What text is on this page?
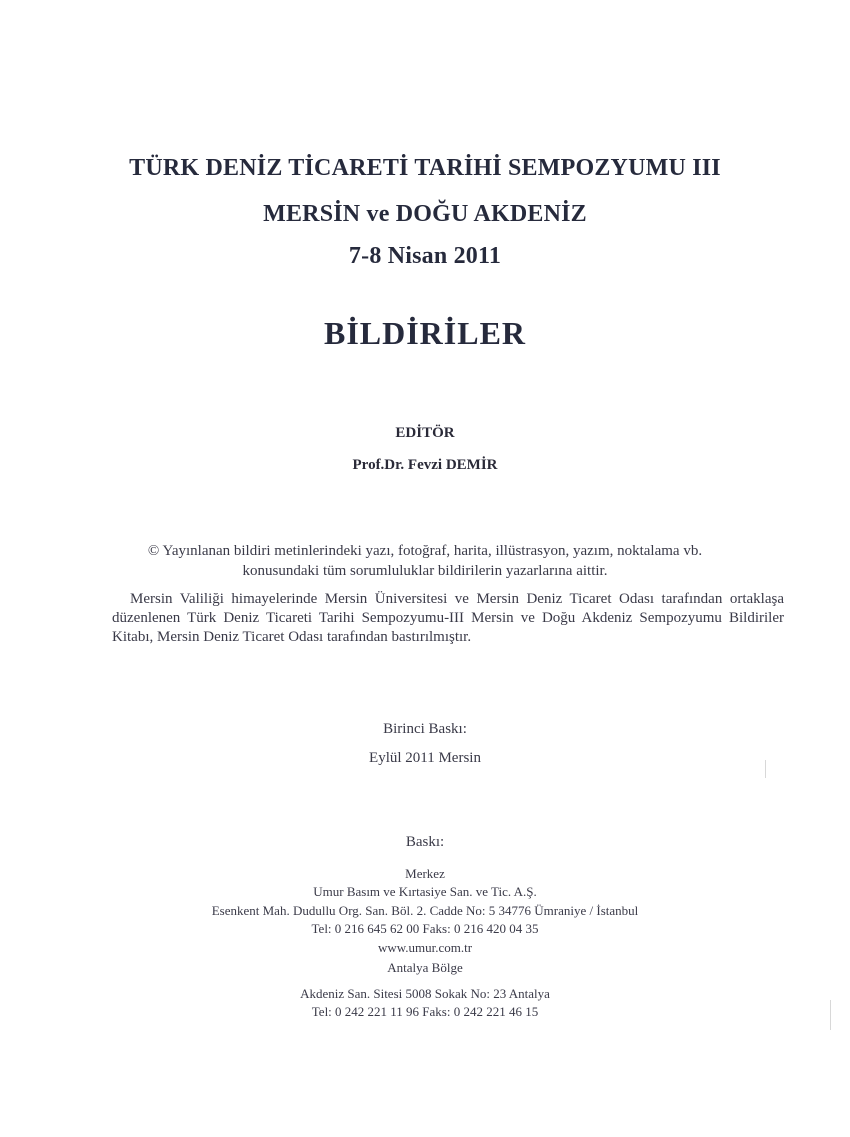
TÜRK DENİZ TİCARETİ TARİHİ SEMPOZYUMU III
MERSİN ve DOĞU AKDENİZ
7-8 Nisan 2011
BİLDİRİLER
EDİTÖR
Prof.Dr. Fevzi DEMİR
© Yayınlanan bildiri metinlerindeki yazı, fotoğraf, harita, illüstrasyon, yazım, noktalama vb.
konusundaki tüm sorumluluklar bildirilerin yazarlarına aittir.
Mersin Valiliği himayelerinde Mersin Üniversitesi ve Mersin Deniz Ticaret Odası tarafından ortaklaşa düzenlenen Türk Deniz Ticareti Tarihi Sempozyumu-III Mersin ve Doğu Akdeniz Sempozyumu Bildiriler Kitabı, Mersin Deniz Ticaret Odası tarafından bastırılmıştır.
Birinci Baskı:
Eylül 2011 Mersin
Baskı:
Merkez
Umur Basım ve Kırtasiye San. ve Tic. A.Ş.
Esenkent Mah. Dudullu Org. San. Böl. 2. Cadde No: 5 34776 Ümraniye / İstanbul
Tel: 0 216 645 62 00 Faks: 0 216 420 04 35
www.umur.com.tr
Antalya Bölge
Akdeniz San. Sitesi 5008 Sokak No: 23 Antalya
Tel: 0 242 221 11 96 Faks: 0 242 221 46 15
